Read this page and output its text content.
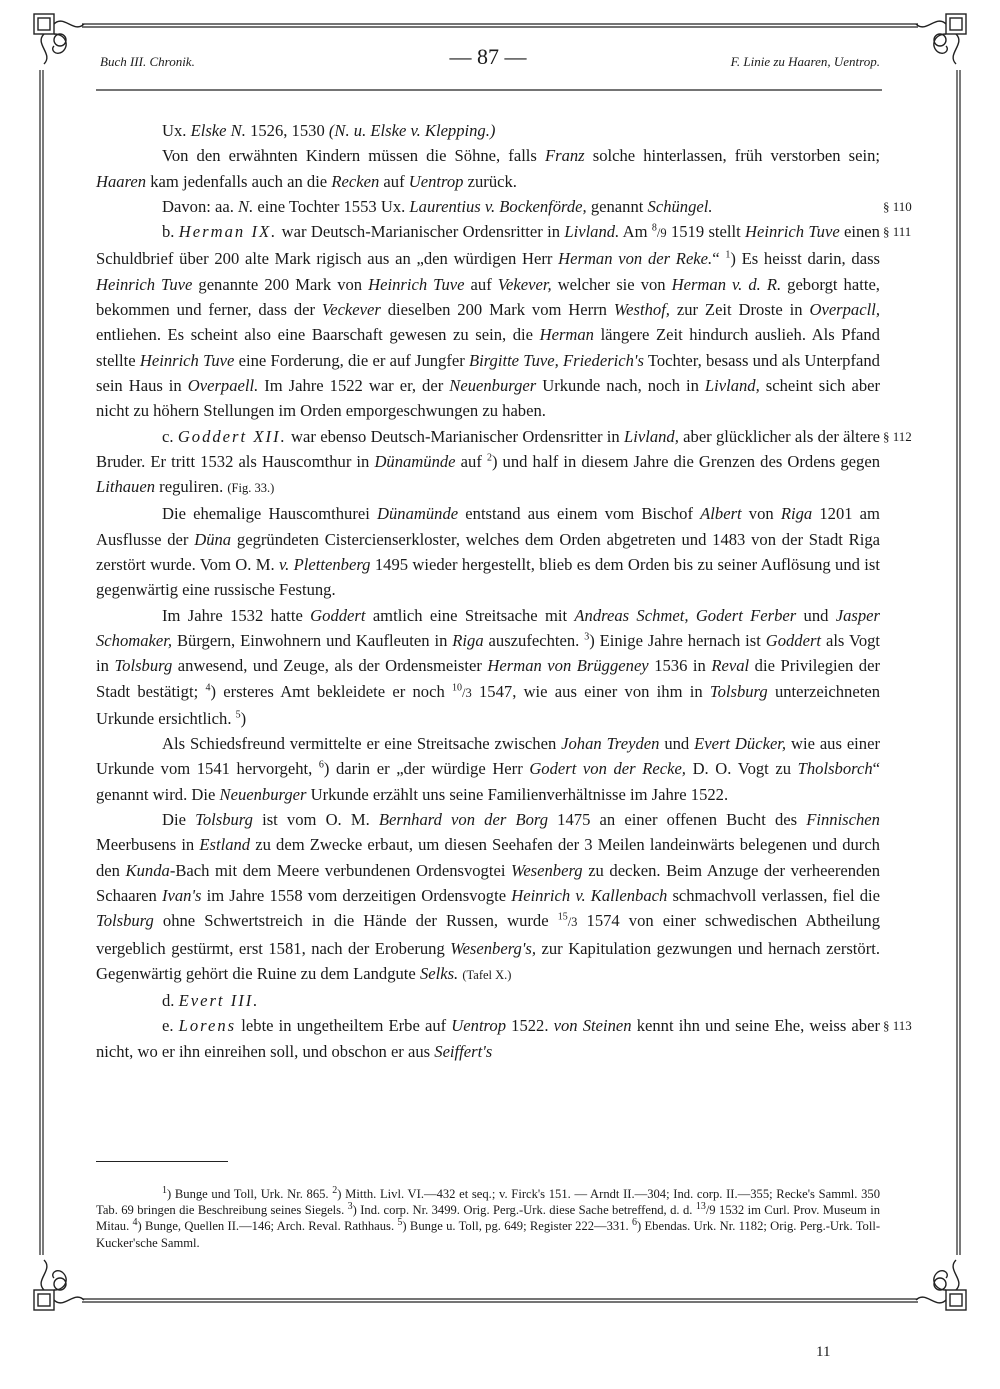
Buch III. Chronik.	— 87 —	F. Linie zu Haaren, Uentrop.

Ux. Elske N. 1526, 1530 (N. u. Elske v. Klepping.)

Von den erwähnten Kindern müssen die Söhne, falls Franz solche hinterlassen, früh verstorben sein; Haaren kam jedenfalls auch an die Recken auf Uentrop zurück.

Davon: aa. N. eine Tochter 1553 Ux. Laurentius v. Bockenförde, genannt Schüngel.	§ 110

b. Herman IX. war Deutsch-Marianischer Ordensritter in Livland. Am $^8$/9 1519 stellt Heinrich Tuve einen Schuldbrief über 200 alte Mark rigisch aus an „den würdigen Herr Herman von der Reke.“ $^1$) Es heisst darin, dass Heinrich Tuve genannte 200 Mark von Heinrich Tuve auf Vekever, welcher sie von Herman v. d. R. geborgt hatte, bekommen und ferner, dass der Veckever dieselben 200 Mark vom Herrn Westhof, zur Zeit Droste in Overpacll, entliehen. Es scheint also eine Baarschaft gewesen zu sein, die Herman längere Zeit hindurch auslieh. Als Pfand stellte Heinrich Tuve eine Forderung, die er auf Jungfer Birgitte Tuve, Friederich's Tochter, besass und als Unterpfand sein Haus in Overpaell. Im Jahre 1522 war er, der Neuenburger Urkunde nach, noch in Livland, scheint sich aber nicht zu höhern Stellungen im Orden emporgeschwungen zu haben.
§ 111

c. Goddert XII. war ebenso Deutsch-Marianischer Ordensritter in Livland, aber glücklicher als der ältere Bruder. Er tritt 1532 als Hauscomthur in Dünamünde auf $^2$) und half in diesem Jahre die Grenzen des Ordens gegen Lithauen reguliren. (Fig. 33.)
§ 112

Die ehemalige Hauscomthurei Dünamünde entstand aus einem vom Bischof Albert von Riga 1201 am Ausflusse der Düna gegründeten Cistercienserkloster, welches dem Orden abgetreten und 1483 von der Stadt Riga zerstört wurde. Vom O. M. v. Plettenberg 1495 wieder hergestellt, blieb es dem Orden bis zu seiner Auflösung und ist gegenwärtig eine russische Festung.

Im Jahre 1532 hatte Goddert amtlich eine Streitsache mit Andreas Schmet, Godert Ferber und Jasper Schomaker, Bürgern, Einwohnern und Kaufleuten in Riga auszufechten. $^3$) Einige Jahre hernach ist Goddert als Vogt in Tolsburg anwesend, und Zeuge, als der Ordensmeister Herman von Brüggeney 1536 in Reval die Privilegien der Stadt bestätigt; $^4$) ersteres Amt bekleidete er noch $^{10}$/3 1547, wie aus einer von ihm in Tolsburg unterzeichneten Urkunde ersichtlich. $^5$)

Als Schiedsfreund vermittelte er eine Streitsache zwischen Johan Treyden und Evert Dücker, wie aus einer Urkunde vom 1541 hervorgeht, $^6$) darin er „der würdige Herr Godert von der Recke, D. O. Vogt zu Tholsborch“ genannt wird. Die Neuenburger Urkunde erzählt uns seine Familienverhältnisse im Jahre 1522.

Die Tolsburg ist vom O. M. Bernhard von der Borg 1475 an einer offenen Bucht des Finnischen Meerbusens in Estland zu dem Zwecke erbaut, um diesen Seehafen der 3 Meilen landeinwärts belegenen und durch den Kunda-Bach mit dem Meere verbundenen Ordensvogtei Wesenberg zu decken. Beim Anzuge der verheerenden Schaaren Ivan's im Jahre 1558 vom derzeitigen Ordensvogte Heinrich v. Kallenbach schmachvoll verlassen, fiel die Tolsburg ohne Schwertstreich in die Hände der Russen, wurde $^{15}$/3 1574 von einer schwedischen Abtheilung vergeblich gestürmt, erst 1581, nach der Eroberung Wesenberg's, zur Kapitulation gezwungen und hernach zerstört. Gegenwärtig gehört die Ruine zu dem Landgute Selks. (Tafel X.)

d. Evert III.

e. Lorens lebte in ungetheiltem Erbe auf Uentrop 1522. von Steinen kennt ihn und seine Ehe, weiss aber nicht, wo er ihn einreihen soll, und obschon er aus Seiffert's
§ 113

$^1$) Bunge und Toll, Urk. Nr. 865. $^2$) Mitth. Livl. VI.—432 et seq.; v. Firck's 151. — Arndt II.—304; Ind. corp. II.—355; Recke's Samml. 350 Tab. 69 bringen die Beschreibung seines Siegels. $^3$) Ind. corp. Nr. 3499. Orig. Perg.-Urk. diese Sache betreffend, d. d. $^{13}$/9 1532 im Curl. Prov. Museum in Mitau. $^4$) Bunge, Quellen II.—146; Arch. Reval. Rathhaus. $^5$) Bunge u. Toll, pg. 649; Register 222—331. $^6$) Ebendas. Urk. Nr. 1182; Orig. Perg.-Urk. Toll-Kucker'sche Samml.

11
